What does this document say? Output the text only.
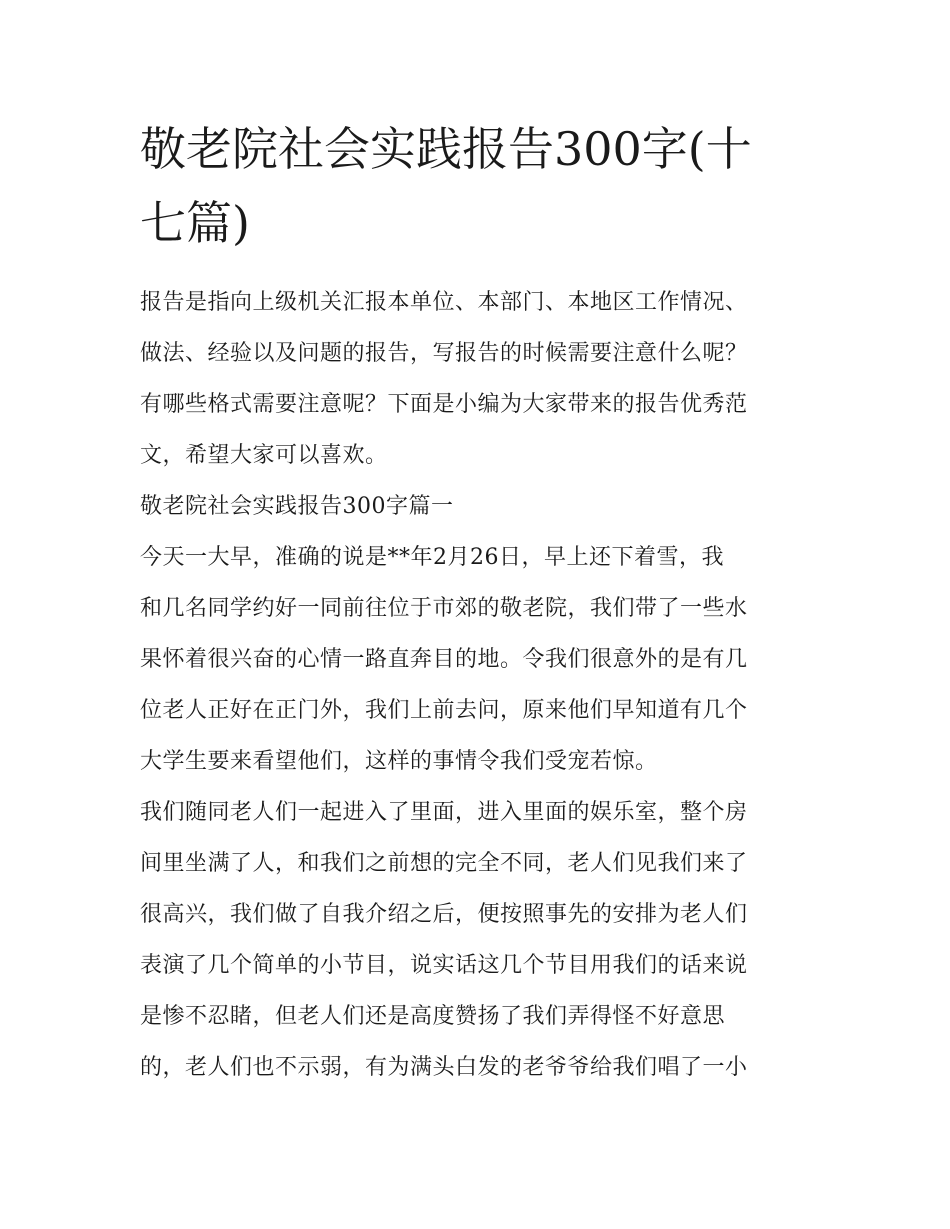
敬老院社会实践报告300字(十
七篇)
报告是指向上级机关汇报本单位、本部门、本地区工作情况、
做法、经验以及问题的报告，写报告的时候需要注意什么呢？
有哪些格式需要注意呢？下面是小编为大家带来的报告优秀范
文，希望大家可以喜欢。
敬老院社会实践报告300字篇一
今天一大早，准确的说是**年2月26日，早上还下着雪，我
和几名同学约好一同前往位于市郊的敬老院，我们带了一些水
果怀着很兴奋的心情一路直奔目的地。令我们很意外的是有几
位老人正好在正门外，我们上前去问，原来他们早知道有几个
大学生要来看望他们，这样的事情令我们受宠若惊。
我们随同老人们一起进入了里面，进入里面的娱乐室，整个房
间里坐满了人，和我们之前想的完全不同，老人们见我们来了
很高兴，我们做了自我介绍之后，便按照事先的安排为老人们
表演了几个简单的小节目，说实话这几个节目用我们的话来说
是惨不忍睹，但老人们还是高度赞扬了我们弄得怪不好意思
的，老人们也不示弱，有为满头白发的老爷爷给我们唱了一小
